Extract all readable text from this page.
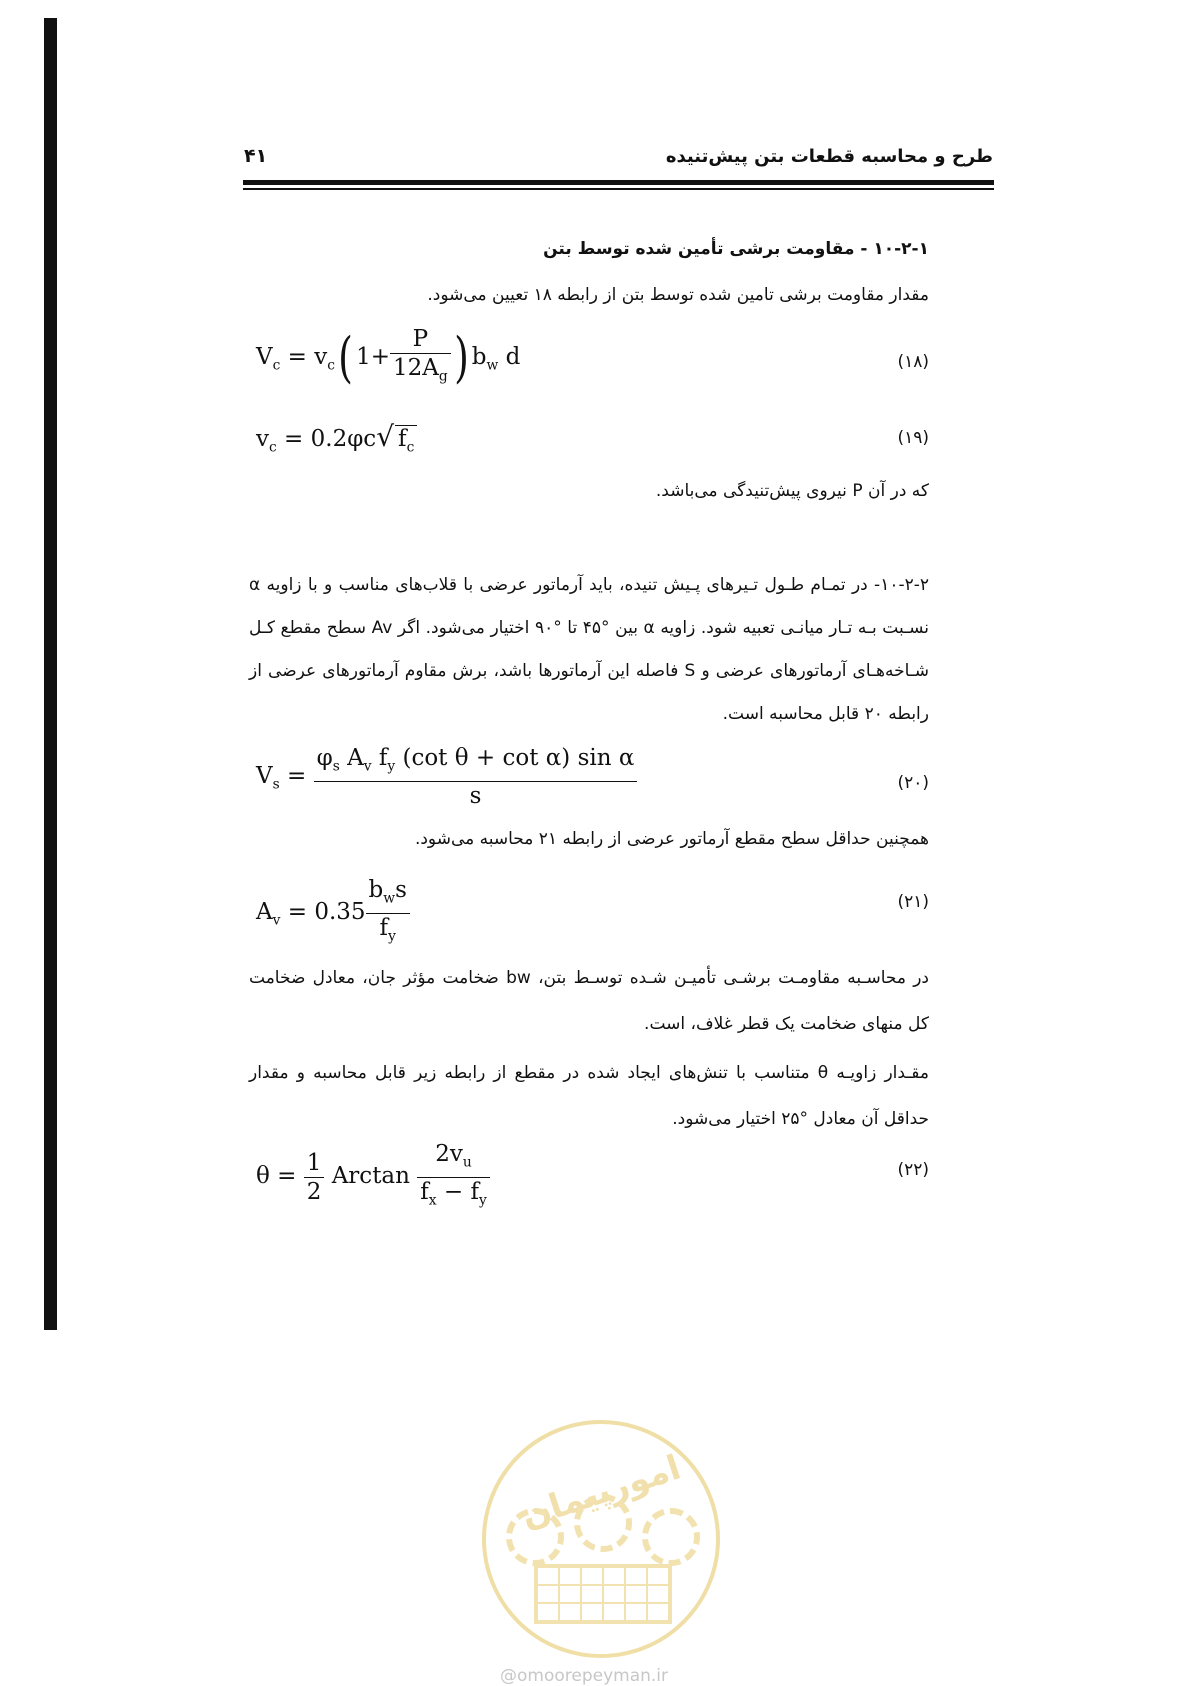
۴۱	طرح و محاسبه قطعات بتن پیش‌تنیده
۱۰-۲-۱ - مقاومت برشی تأمین شده توسط بتن
مقدار مقاومت برشی تامین شده توسط بتن از رابطه ۱۸ تعیین می‌شود.
$V_c = v_c$( $1+ \frac{P}{12A_g}$ ) $b_w$ d	(۱۸)
$v_c = 0.2\varphi c√$ $f_c$	(۱۹)
که در آن P نیروی پیش‌تنیدگی می‌باشد.
۱۰-۲-۲- در تمـام طـول تـیرهای پـیش تنیده، باید آرماتور عرضی با قلاب‌های مناسب و با زاویه α نسـبت بـه تـار میانـی تعبیه شود. زاویه α بین °۴۵ تا °۹۰ اختیار می‌شود. اگر Av سطح مقطع کـل شـاخه‌هـای آرماتورهای عرضی و S فاصله این آرماتورها باشد، برش مقاوم آرماتورهای عرضی از رابطه ۲۰ قابل محاسبه است.
$V_s = \frac{\varphi_s A_v f_y (\cot \theta + \cot \alpha) \sin \alpha}{s}$	(۲۰)
همچنین حداقل سطح مقطع آرماتور عرضی از رابطه ۲۱ محاسبه می‌شود.
$A_v = 0.35 \frac{b_ws}{f_y}$	(۲۱)
در محاسـبه مقاومـت برشـی تأمیـن شـده توسـط بتن، bw ضخامت مؤثر جان، معادل ضخامت کل منهای ضخامت یک قطر غلاف، است.
مقـدار زاویـه θ متناسب با تنش‌های ایجاد شده در مقطع از رابطه زیر قابل محاسبه و مقدار حداقل آن معادل °۲۵ اختیار می‌شود.
$\theta = \frac{1}{2}$ Arctan $\frac{2v_u}{f_x - f_y}$	(۲۲)
امورپیمان
@omoorepeyman.ir
